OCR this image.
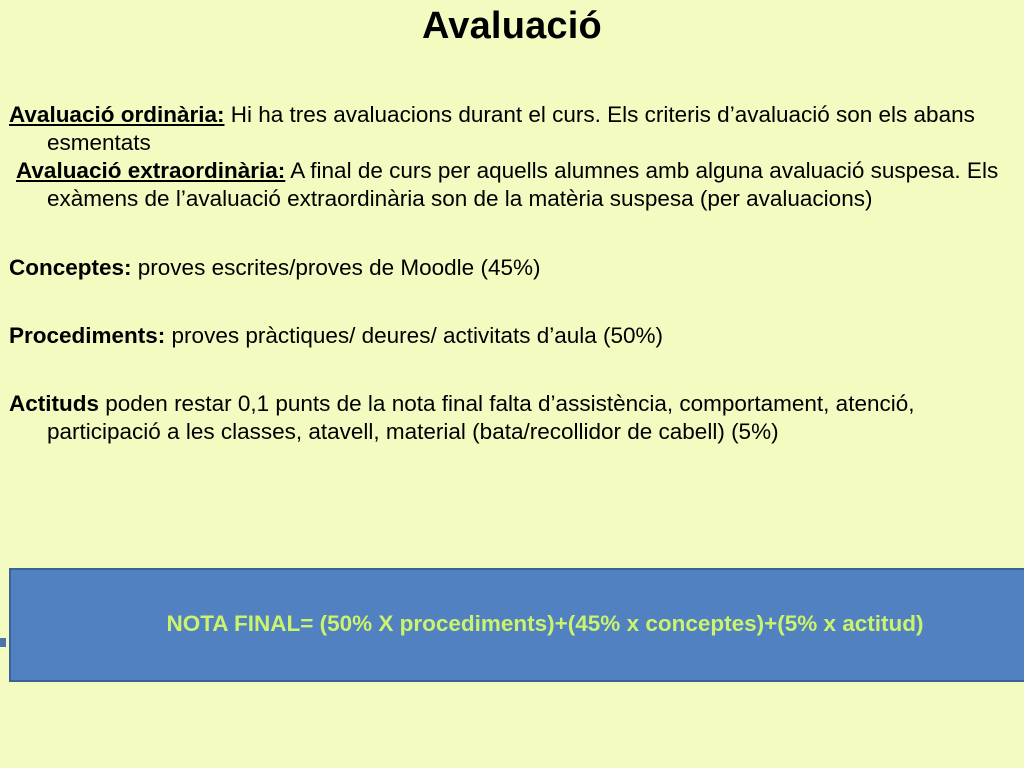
Avaluació

Avaluació ordinària: Hi ha tres avaluacions durant el curs. Els criteris d’avaluació son els abans esmentats

Avaluació extraordinària: A final de curs per aquells alumnes amb alguna avaluació suspesa. Els exàmens de l’avaluació extraordinària son de la matèria suspesa (per avaluacions)

Conceptes: proves escrites/proves de Moodle (45%)

Procediments: proves pràctiques/ deures/ activitats d’aula (50%)

Actituds poden restar 0,1 punts de la nota final falta d’assistència, comportament, atenció, participació a les classes, atavell, material (bata/recollidor de cabell) (5%)

NOTA FINAL= (50% X procediments)+(45% x conceptes)+(5% x actitud)
